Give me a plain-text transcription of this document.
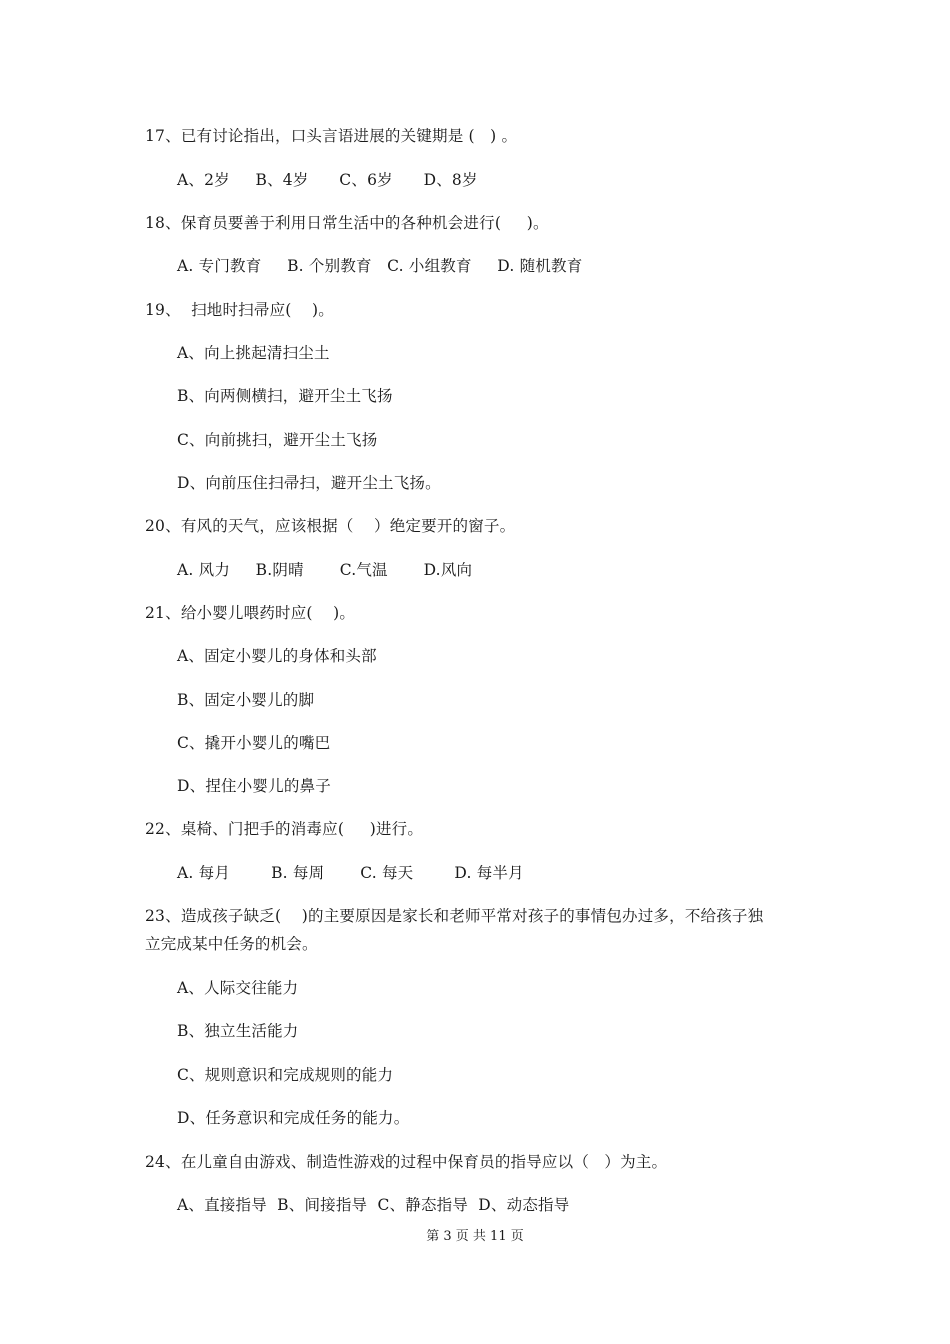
17、已有讨论指出，口头言语进展的关键期是 (   ) 。
A、2岁     B、4岁      C、6岁      D、8岁
18、保育员要善于利用日常生活中的各种机会进行(     )。
A. 专门教育     B. 个别教育   C. 小组教育     D. 随机教育
19、  扫地时扫帚应(    )。
A、向上挑起清扫尘土
B、向两侧横扫，避开尘土飞扬
C、向前挑扫，避开尘土飞扬
D、向前压住扫帚扫，避开尘土飞扬。
20、有风的天气，应该根据（    ）绝定要开的窗子。
A. 风力     B.阴晴       C.气温       D.风向
21、给小婴儿喂药时应(    )。
A、固定小婴儿的身体和头部
B、固定小婴儿的脚
C、撬开小婴儿的嘴巴
D、捏住小婴儿的鼻子
22、桌椅、门把手的消毒应(     )进行。
A. 每月        B. 每周       C. 每天        D. 每半月
23、造成孩子缺乏(    )的主要原因是家长和老师平常对孩子的事情包办过多，不给孩子独
立完成某中任务的机会。
A、人际交往能力
B、独立生活能力
C、规则意识和完成规则的能力
D、任务意识和完成任务的能力。
24、在儿童自由游戏、制造性游戏的过程中保育员的指导应以（   ）为主。
A、直接指导  B、间接指导  C、静态指导  D、动态指导
第 3 页 共 11 页
